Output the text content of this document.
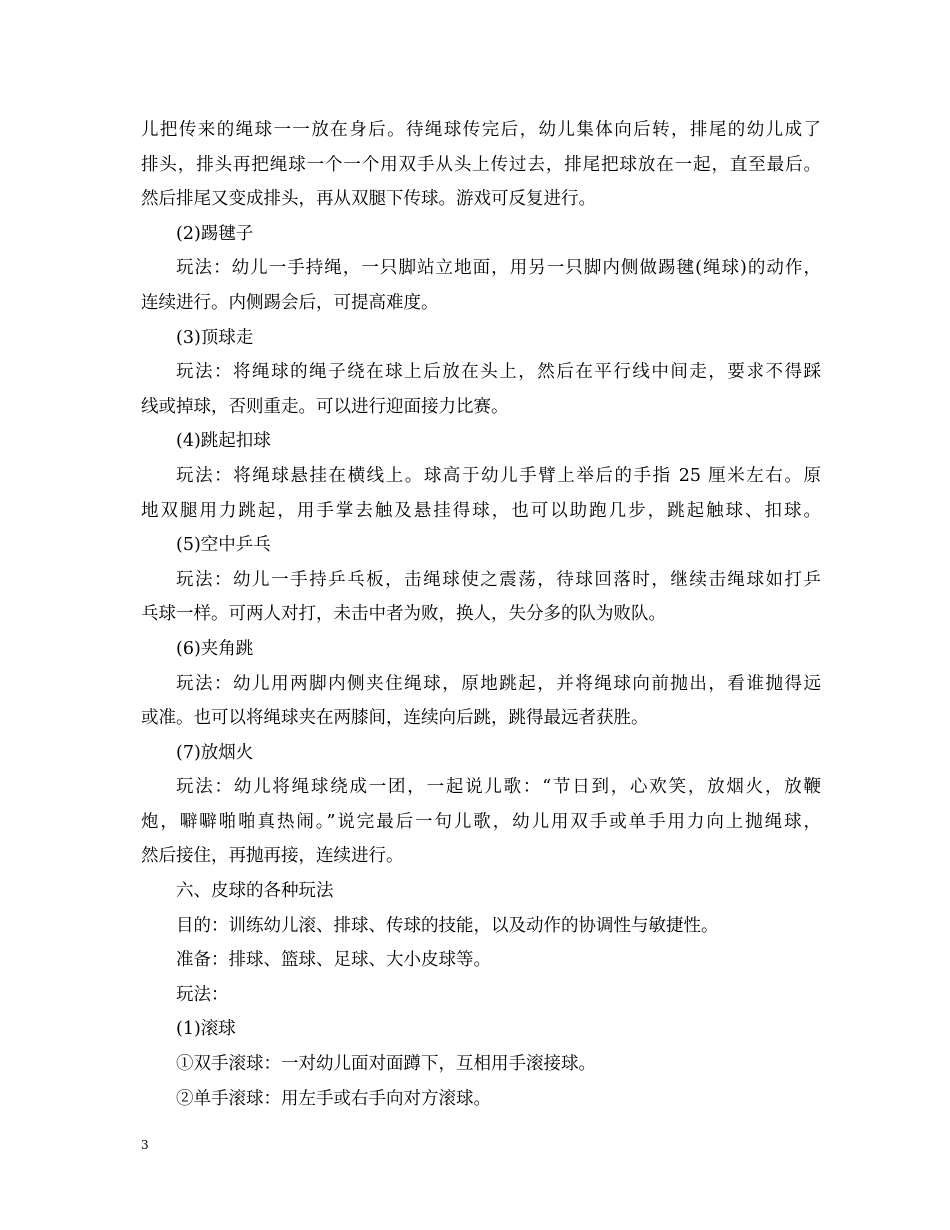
儿把传来的绳球一一放在身后。待绳球传完后，幼儿集体向后转，排尾的幼儿成了
排头，排头再把绳球一个一个用双手从头上传过去，排尾把球放在一起，直至最后。
然后排尾又变成排头，再从双腿下传球。游戏可反复进行。
(2)踢毽子
玩法：幼儿一手持绳，一只脚站立地面，用另一只脚内侧做踢毽(绳球)的动作，
连续进行。内侧踢会后，可提高难度。
(3)顶球走
玩法：将绳球的绳子绕在球上后放在头上，然后在平行线中间走，要求不得踩
线或掉球，否则重走。可以进行迎面接力比赛。
(4)跳起扣球
玩法：将绳球悬挂在横线上。球高于幼儿手臂上举后的手指 25 厘米左右。原
地双腿用力跳起，用手掌去触及悬挂得球，也可以助跑几步，跳起触球、扣球。
(5)空中乒乓
玩法：幼儿一手持乒乓板，击绳球使之震荡，待球回落时，继续击绳球如打乒
乓球一样。可两人对打，未击中者为败，换人，失分多的队为败队。
(6)夹角跳
玩法：幼儿用两脚内侧夹住绳球，原地跳起，并将绳球向前抛出，看谁抛得远
或准。也可以将绳球夹在两膝间，连续向后跳，跳得最远者获胜。
(7)放烟火
玩法：幼儿将绳球绕成一团，一起说儿歌：“节日到，心欢笑，放烟火，放鞭
炮，噼噼啪啪真热闹。”说完最后一句儿歌，幼儿用双手或单手用力向上抛绳球，
然后接住，再抛再接，连续进行。
六、皮球的各种玩法
目的：训练幼儿滚、排球、传球的技能，以及动作的协调性与敏捷性。
准备：排球、篮球、足球、大小皮球等。
玩法：
(1)滚球
①双手滚球：一对幼儿面对面蹲下，互相用手滚接球。
②单手滚球：用左手或右手向对方滚球。
3
